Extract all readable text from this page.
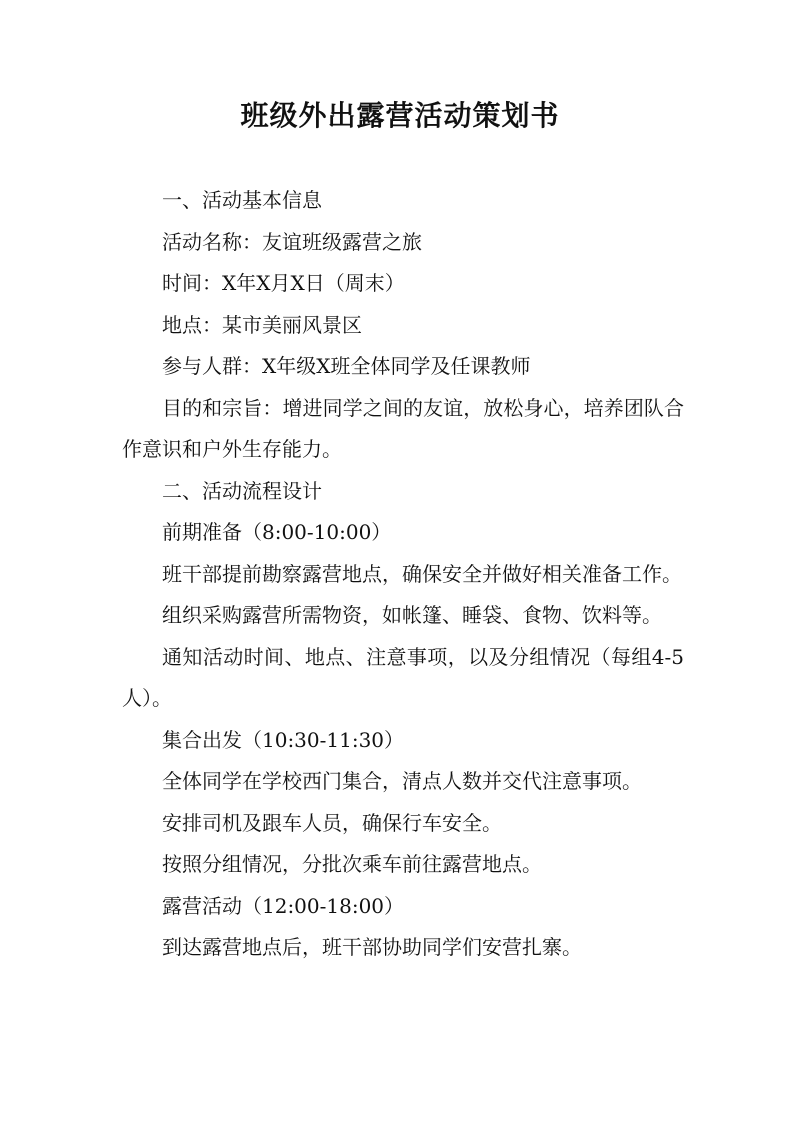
班级外出露营活动策划书

一、活动基本信息

活动名称：友谊班级露营之旅

时间：X年X月X日（周末）

地点：某市美丽风景区

参与人群：X年级X班全体同学及任课教师

目的和宗旨：增进同学之间的友谊，放松身心，培养团队合作意识和户外生存能力。

二、活动流程设计

前期准备（8:00-10:00）

班干部提前勘察露营地点，确保安全并做好相关准备工作。

组织采购露营所需物资，如帐篷、睡袋、食物、饮料等。

通知活动时间、地点、注意事项，以及分组情况（每组4-5人）。

集合出发（10:30-11:30）

全体同学在学校西门集合，清点人数并交代注意事项。

安排司机及跟车人员，确保行车安全。

按照分组情况，分批次乘车前往露营地点。

露营活动（12:00-18:00）

到达露营地点后，班干部协助同学们安营扎寨。
